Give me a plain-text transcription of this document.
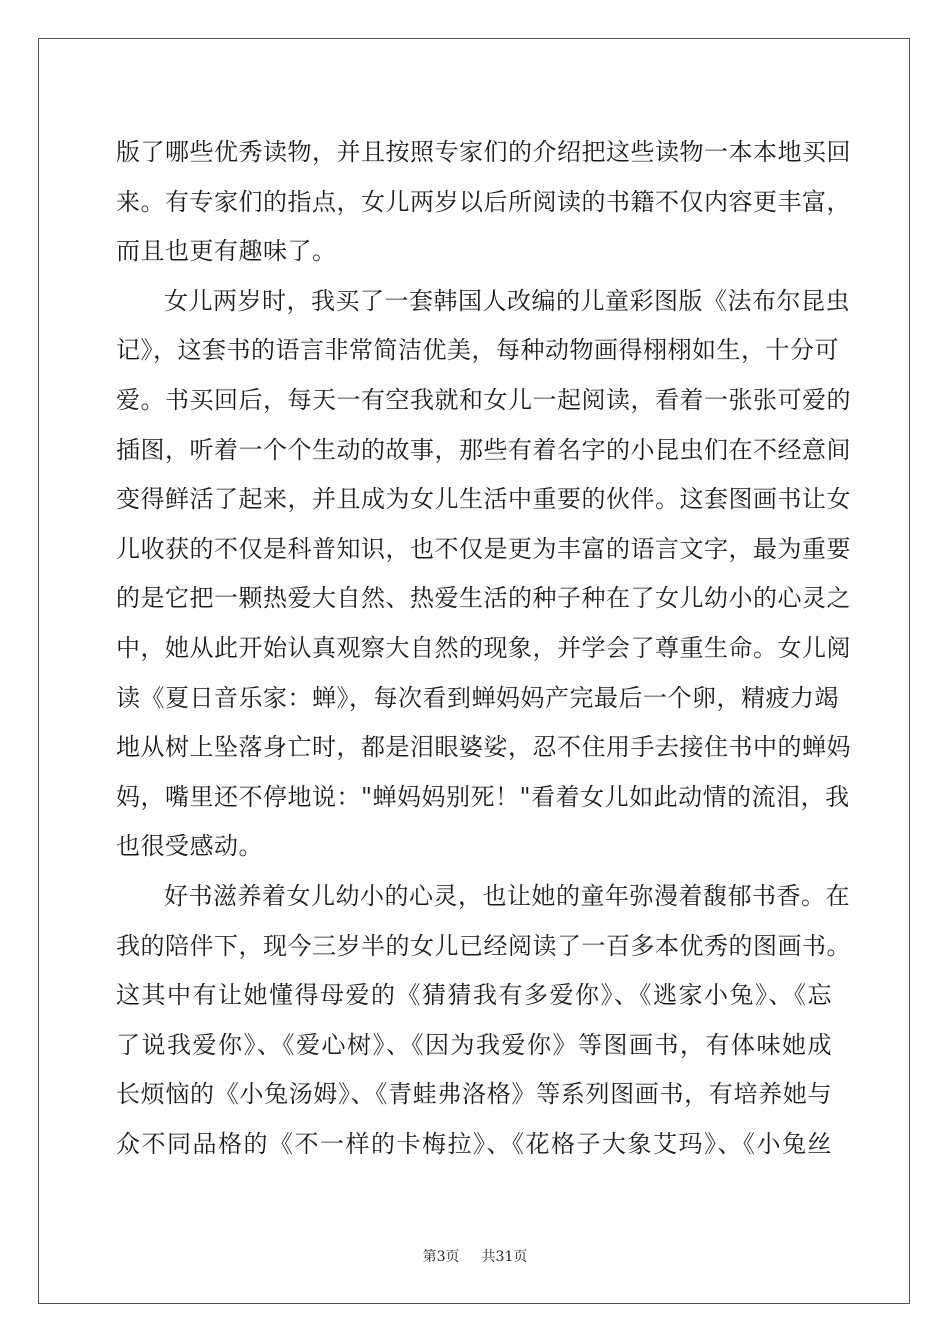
版了哪些优秀读物，并且按照专家们的介绍把这些读物一本本地买回
来。有专家们的指点，女儿两岁以后所阅读的书籍不仅内容更丰富，
而且也更有趣味了。
女儿两岁时，我买了一套韩国人改编的儿童彩图版《法布尔昆虫
记》，这套书的语言非常简洁优美，每种动物画得栩栩如生，十分可
爱。书买回后，每天一有空我就和女儿一起阅读，看着一张张可爱的
插图，听着一个个生动的故事，那些有着名字的小昆虫们在不经意间
变得鲜活了起来，并且成为女儿生活中重要的伙伴。这套图画书让女
儿收获的不仅是科普知识，也不仅是更为丰富的语言文字，最为重要
的是它把一颗热爱大自然、热爱生活的种子种在了女儿幼小的心灵之
中，她从此开始认真观察大自然的现象，并学会了尊重生命。女儿阅
读《夏日音乐家：蝉》，每次看到蝉妈妈产完最后一个卵，精疲力竭
地从树上坠落身亡时，都是泪眼婆娑，忍不住用手去接住书中的蝉妈
妈，嘴里还不停地说："蝉妈妈别死！"看着女儿如此动情的流泪，我
也很受感动。
好书滋养着女儿幼小的心灵，也让她的童年弥漫着馥郁书香。在
我的陪伴下，现今三岁半的女儿已经阅读了一百多本优秀的图画书。
这其中有让她懂得母爱的《猜猜我有多爱你》、《逃家小兔》、《忘
了说我爱你》、《爱心树》、《因为我爱你》等图画书，有体味她成
长烦恼的《小兔汤姆》、《青蛙弗洛格》等系列图画书，有培养她与
众不同品格的《不一样的卡梅拉》、《花格子大象艾玛》、《小兔丝
第3页 共31页
